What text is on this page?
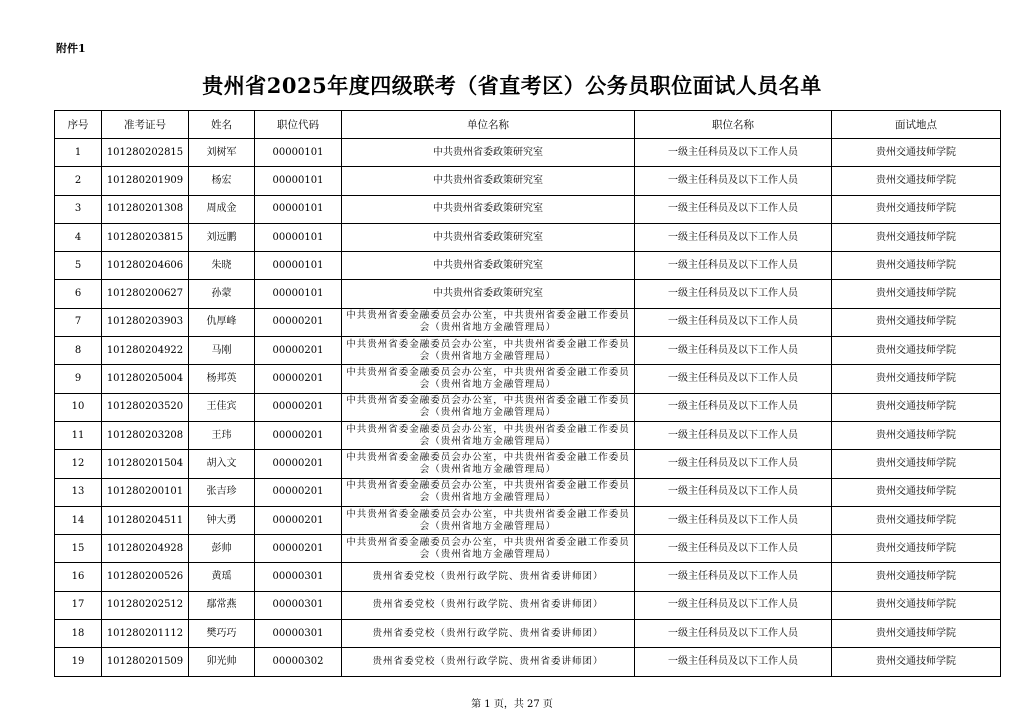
附件1
贵州省2025年度四级联考（省直考区）公务员职位面试人员名单
序号	准考证号	姓名	职位代码	单位名称	职位名称	面试地点
1	101280202815	刘树军	00000101	中共贵州省委政策研究室	一级主任科员及以下工作人员	贵州交通技师学院
2	101280201909	杨宏	00000101	中共贵州省委政策研究室	一级主任科员及以下工作人员	贵州交通技师学院
3	101280201308	周成金	00000101	中共贵州省委政策研究室	一级主任科员及以下工作人员	贵州交通技师学院
4	101280203815	刘远鹏	00000101	中共贵州省委政策研究室	一级主任科员及以下工作人员	贵州交通技师学院
5	101280204606	朱晓	00000101	中共贵州省委政策研究室	一级主任科员及以下工作人员	贵州交通技师学院
6	101280200627	孙蒙	00000101	中共贵州省委政策研究室	一级主任科员及以下工作人员	贵州交通技师学院
7	101280203903	仇厚峰	00000201	中共贵州省委金融委员会办公室，中共贵州省委金融工作委员会（贵州省地方金融管理局）	一级主任科员及以下工作人员	贵州交通技师学院
8	101280204922	马刚	00000201	中共贵州省委金融委员会办公室，中共贵州省委金融工作委员会（贵州省地方金融管理局）	一级主任科员及以下工作人员	贵州交通技师学院
9	101280205004	杨邦英	00000201	中共贵州省委金融委员会办公室，中共贵州省委金融工作委员会（贵州省地方金融管理局）	一级主任科员及以下工作人员	贵州交通技师学院
10	101280203520	王佳宾	00000201	中共贵州省委金融委员会办公室，中共贵州省委金融工作委员会（贵州省地方金融管理局）	一级主任科员及以下工作人员	贵州交通技师学院
11	101280203208	王玮	00000201	中共贵州省委金融委员会办公室，中共贵州省委金融工作委员会（贵州省地方金融管理局）	一级主任科员及以下工作人员	贵州交通技师学院
12	101280201504	胡入文	00000201	中共贵州省委金融委员会办公室，中共贵州省委金融工作委员会（贵州省地方金融管理局）	一级主任科员及以下工作人员	贵州交通技师学院
13	101280200101	张吉珍	00000201	中共贵州省委金融委员会办公室，中共贵州省委金融工作委员会（贵州省地方金融管理局）	一级主任科员及以下工作人员	贵州交通技师学院
14	101280204511	钟大勇	00000201	中共贵州省委金融委员会办公室，中共贵州省委金融工作委员会（贵州省地方金融管理局）	一级主任科员及以下工作人员	贵州交通技师学院
15	101280204928	彭帅	00000201	中共贵州省委金融委员会办公室，中共贵州省委金融工作委员会（贵州省地方金融管理局）	一级主任科员及以下工作人员	贵州交通技师学院
16	101280200526	黄瑶	00000301	贵州省委党校（贵州行政学院、贵州省委讲师团）	一级主任科员及以下工作人员	贵州交通技师学院
17	101280202512	鄢常燕	00000301	贵州省委党校（贵州行政学院、贵州省委讲师团）	一级主任科员及以下工作人员	贵州交通技师学院
18	101280201112	樊巧巧	00000301	贵州省委党校（贵州行政学院、贵州省委讲师团）	一级主任科员及以下工作人员	贵州交通技师学院
19	101280201509	卯光帅	00000302	贵州省委党校（贵州行政学院、贵州省委讲师团）	一级主任科员及以下工作人员	贵州交通技师学院
第 1 页，共 27 页
